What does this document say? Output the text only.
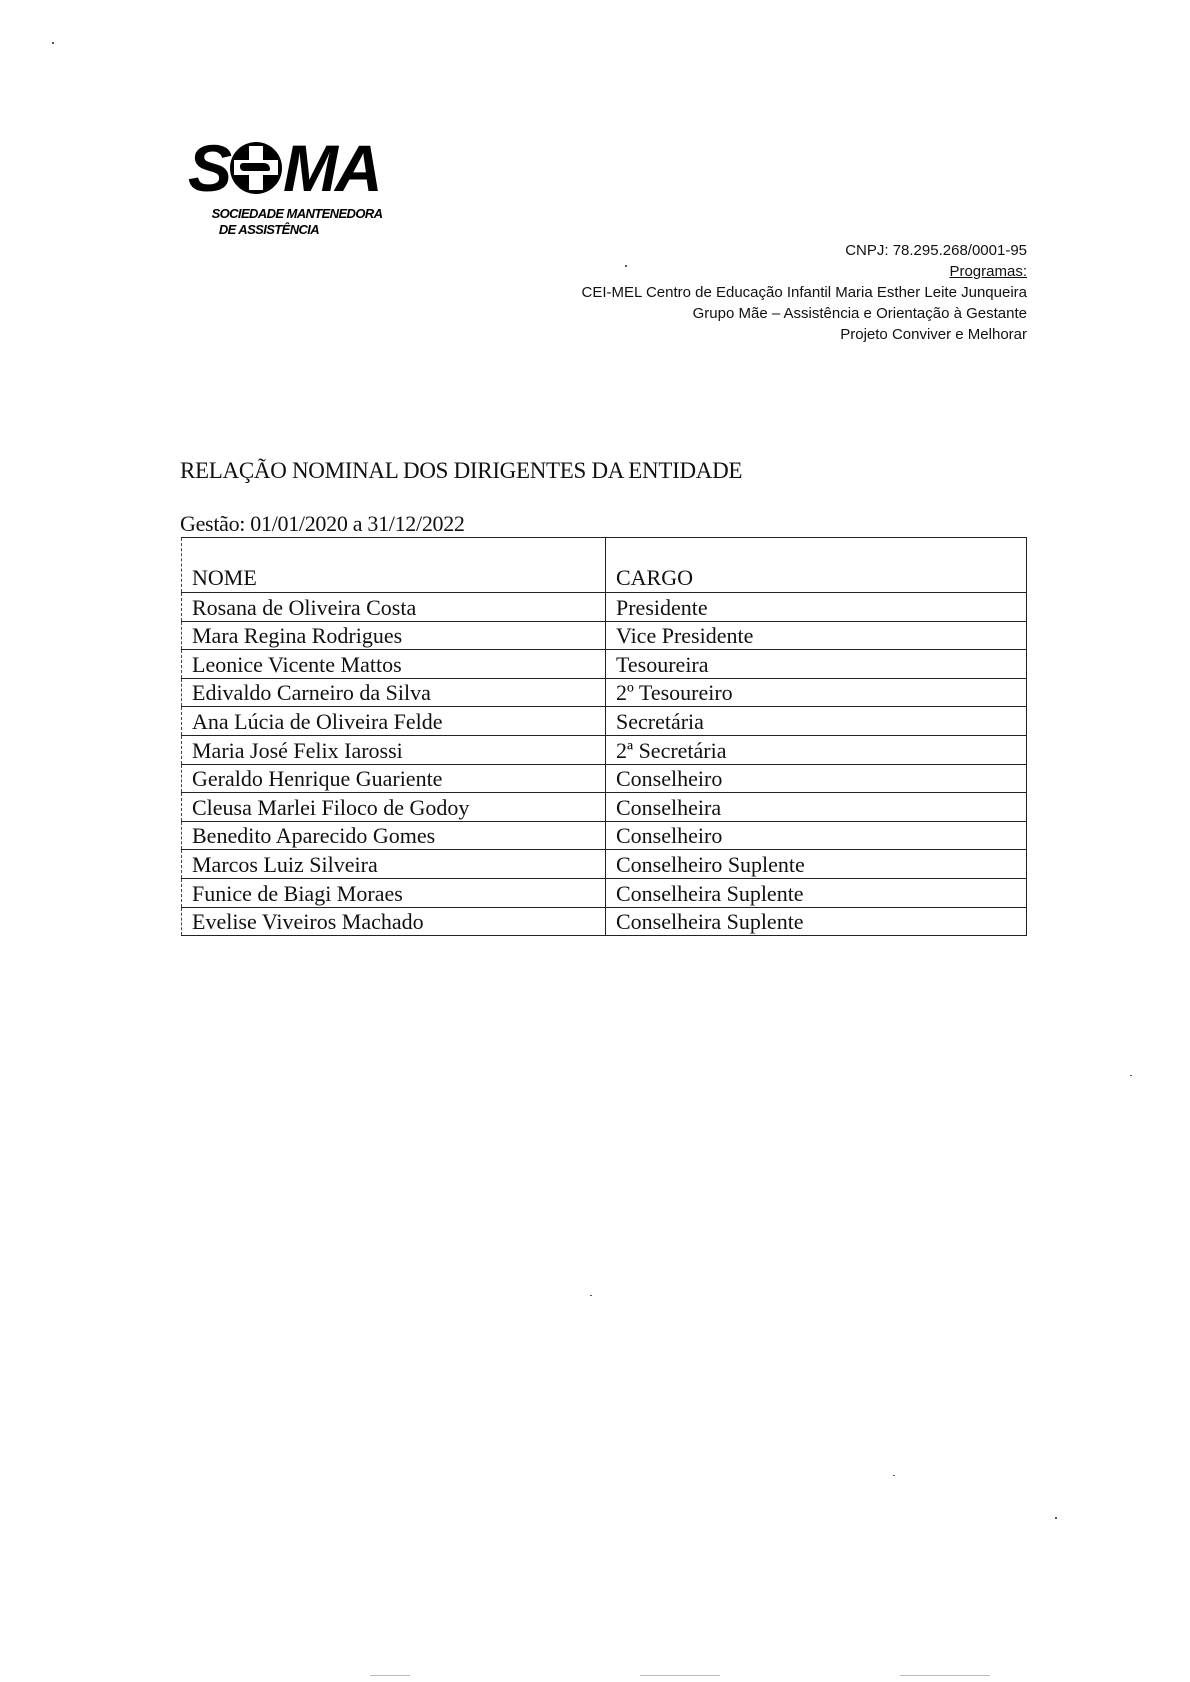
S MA
SOCIEDADE MANTENEDORA
DE ASSISTÊNCIA
CNPJ: 78.295.268/0001-95
Programas:
CEI-MEL Centro de Educação Infantil Maria Esther Leite Junqueira
Grupo Mãe – Assistência e Orientação à Gestante
Projeto Conviver e Melhorar
RELAÇÃO NOMINAL DOS DIRIGENTES DA ENTIDADE
Gestão: 01/01/2020 a 31/12/2022
NOME	CARGO
Rosana de Oliveira Costa	Presidente
Mara Regina Rodrigues	Vice Presidente
Leonice Vicente Mattos	Tesoureira
Edivaldo Carneiro da Silva	2º Tesoureiro
Ana Lúcia de Oliveira Felde	Secretária
Maria José Felix Iarossi	2ª Secretária
Geraldo Henrique Guariente	Conselheiro
Cleusa Marlei Filoco de Godoy	Conselheira
Benedito Aparecido Gomes	Conselheiro
Marcos Luiz Silveira	Conselheiro Suplente
Funice de Biagi Moraes	Conselheira Suplente
Evelise Viveiros Machado	Conselheira Suplente
